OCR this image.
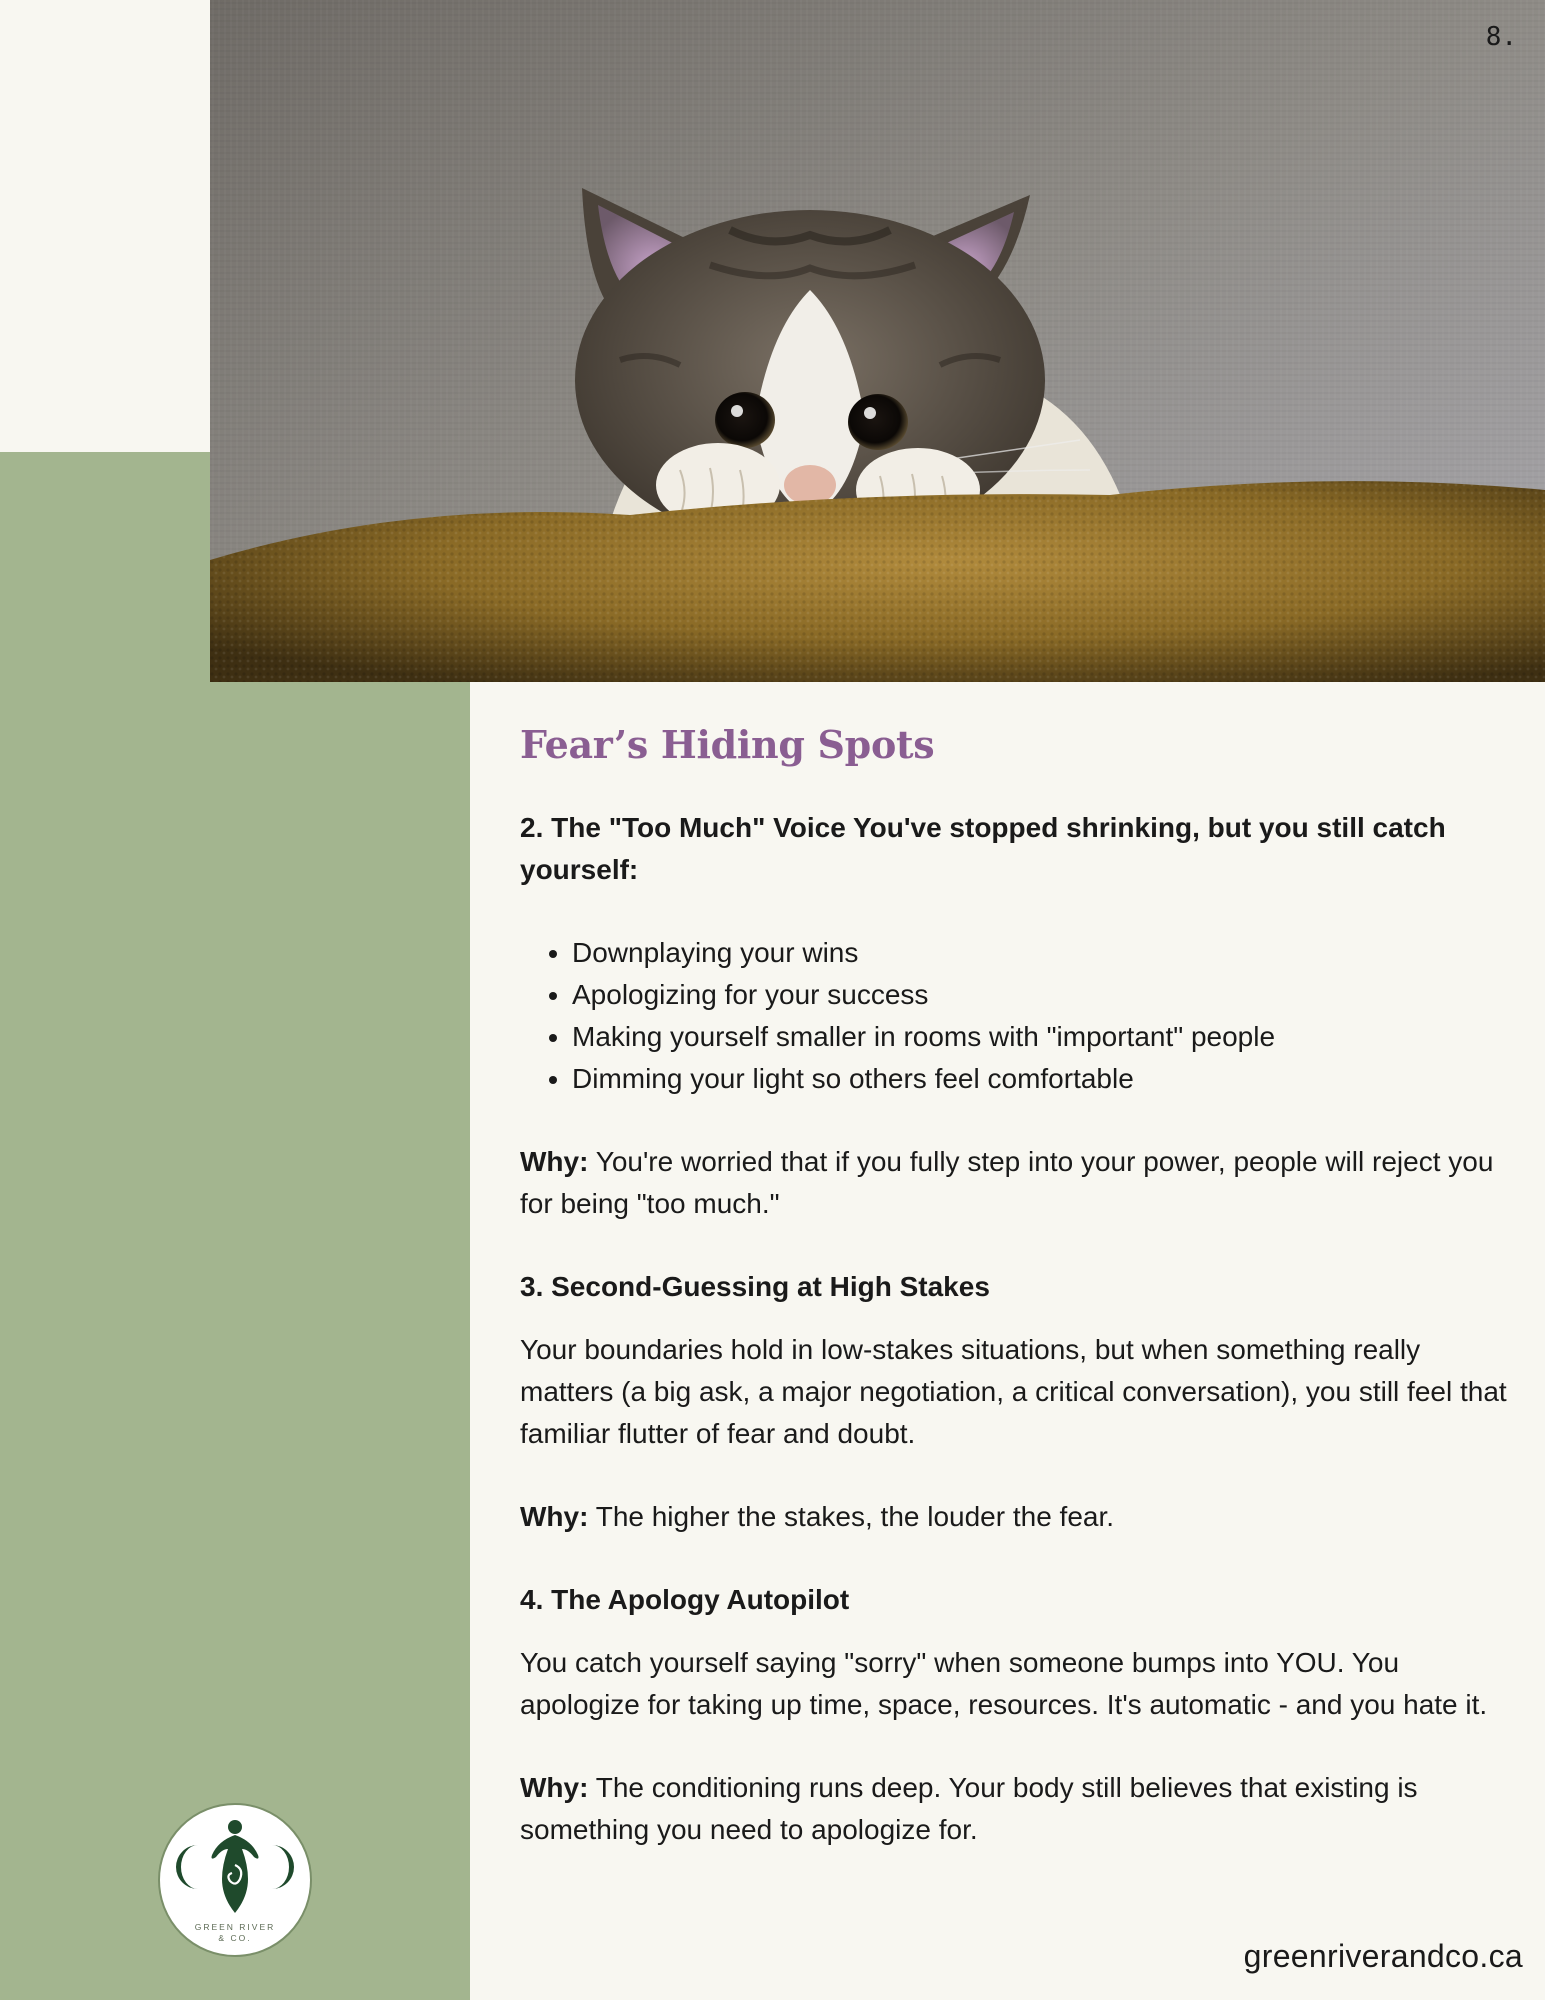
8.
Fear’s Hiding Spots

2. The "Too Much" Voice You've stopped shrinking, but you still catch yourself:

• Downplaying your wins
• Apologizing for your success
• Making yourself smaller in rooms with "important" people
• Dimming your light so others feel comfortable

Why: You're worried that if you fully step into your power, people will reject you for being "too much."

3. Second-Guessing at High Stakes

Your boundaries hold in low-stakes situations, but when something really matters (a big ask, a major negotiation, a critical conversation), you still feel that familiar flutter of fear and doubt.

Why: The higher the stakes, the louder the fear.

4. The Apology Autopilot

You catch yourself saying "sorry" when someone bumps into YOU. You apologize for taking up time, space, resources. It's automatic - and you hate it.

Why: The conditioning runs deep. Your body still believes that existing is something you need to apologize for.

GREEN RIVER
& CO.	greenriverandco.ca
